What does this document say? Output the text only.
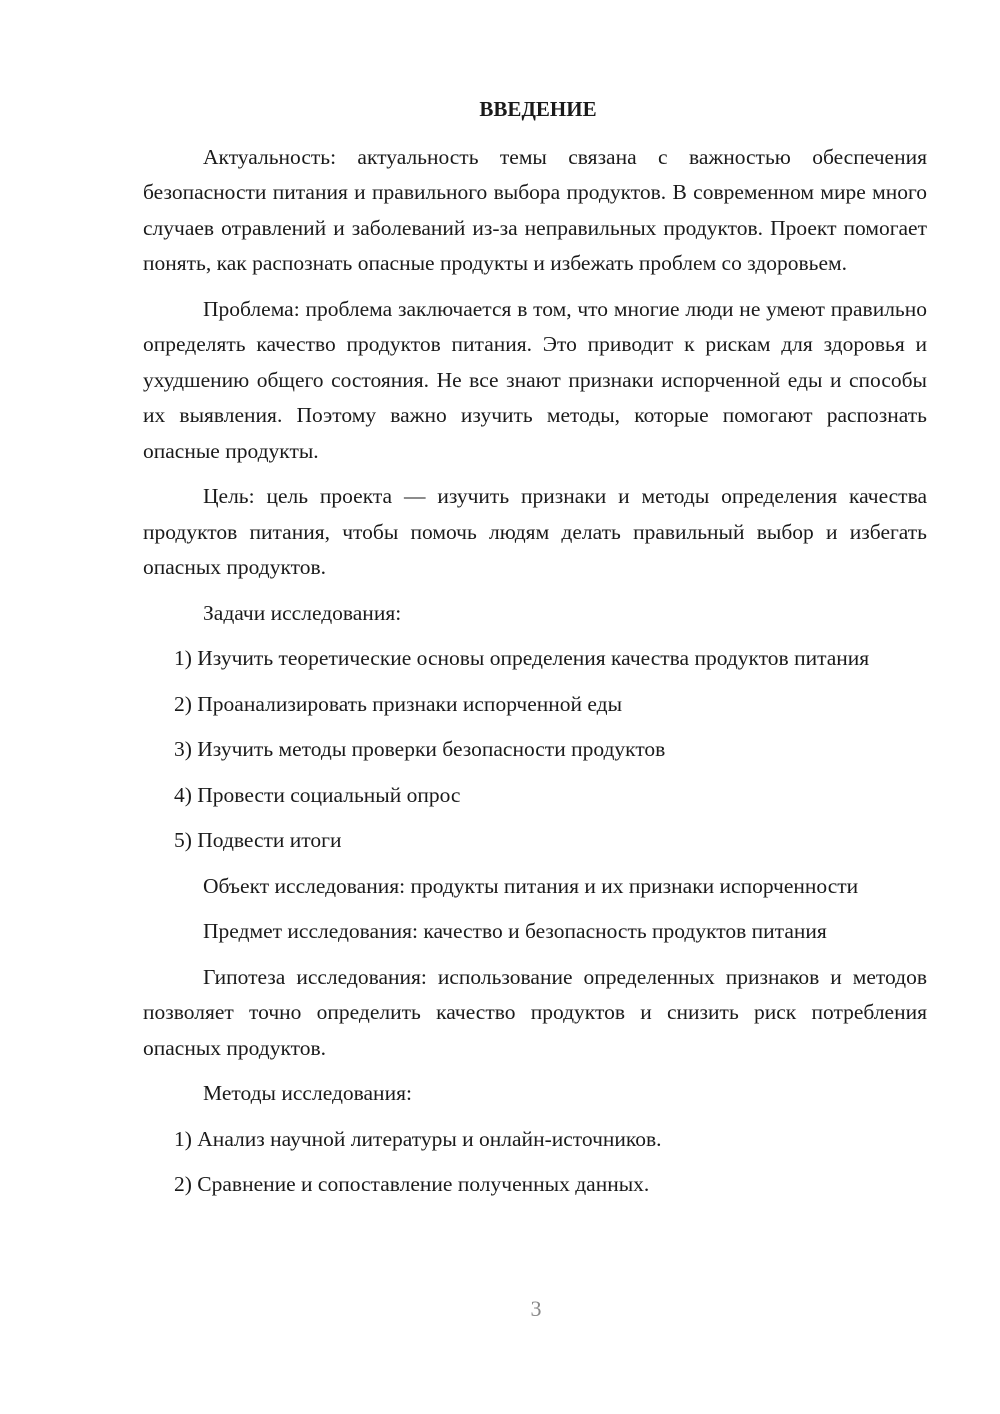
ВВЕДЕНИЕ

Актуальность: актуальность темы связана с важностью обеспечения безопасности питания и правильного выбора продуктов. В современном мире много случаев отравлений и заболеваний из-за неправильных продуктов. Проект помогает понять, как распознать опасные продукты и избежать проблем со здоровьем.

Проблема: проблема заключается в том, что многие люди не умеют правильно определять качество продуктов питания. Это приводит к рискам для здоровья и ухудшению общего состояния. Не все знают признаки испорченной еды и способы их выявления. Поэтому важно изучить методы, которые помогают распознать опасные продукты.

Цель: цель проекта — изучить признаки и методы определения качества продуктов питания, чтобы помочь людям делать правильный выбор и избегать опасных продуктов.

Задачи исследования:

1) Изучить теоретические основы определения качества продуктов питания

2) Проанализировать признаки испорченной еды

3) Изучить методы проверки безопасности продуктов

4) Провести социальный опрос

5) Подвести итоги

Объект исследования: продукты питания и их признаки испорченности

Предмет исследования: качество и безопасность продуктов питания

Гипотеза исследования: использование определенных признаков и методов позволяет точно определить качество продуктов и снизить риск потребления опасных продуктов.

Методы исследования:

1) Анализ научной литературы и онлайн-источников.

2) Сравнение и сопоставление полученных данных.

3
